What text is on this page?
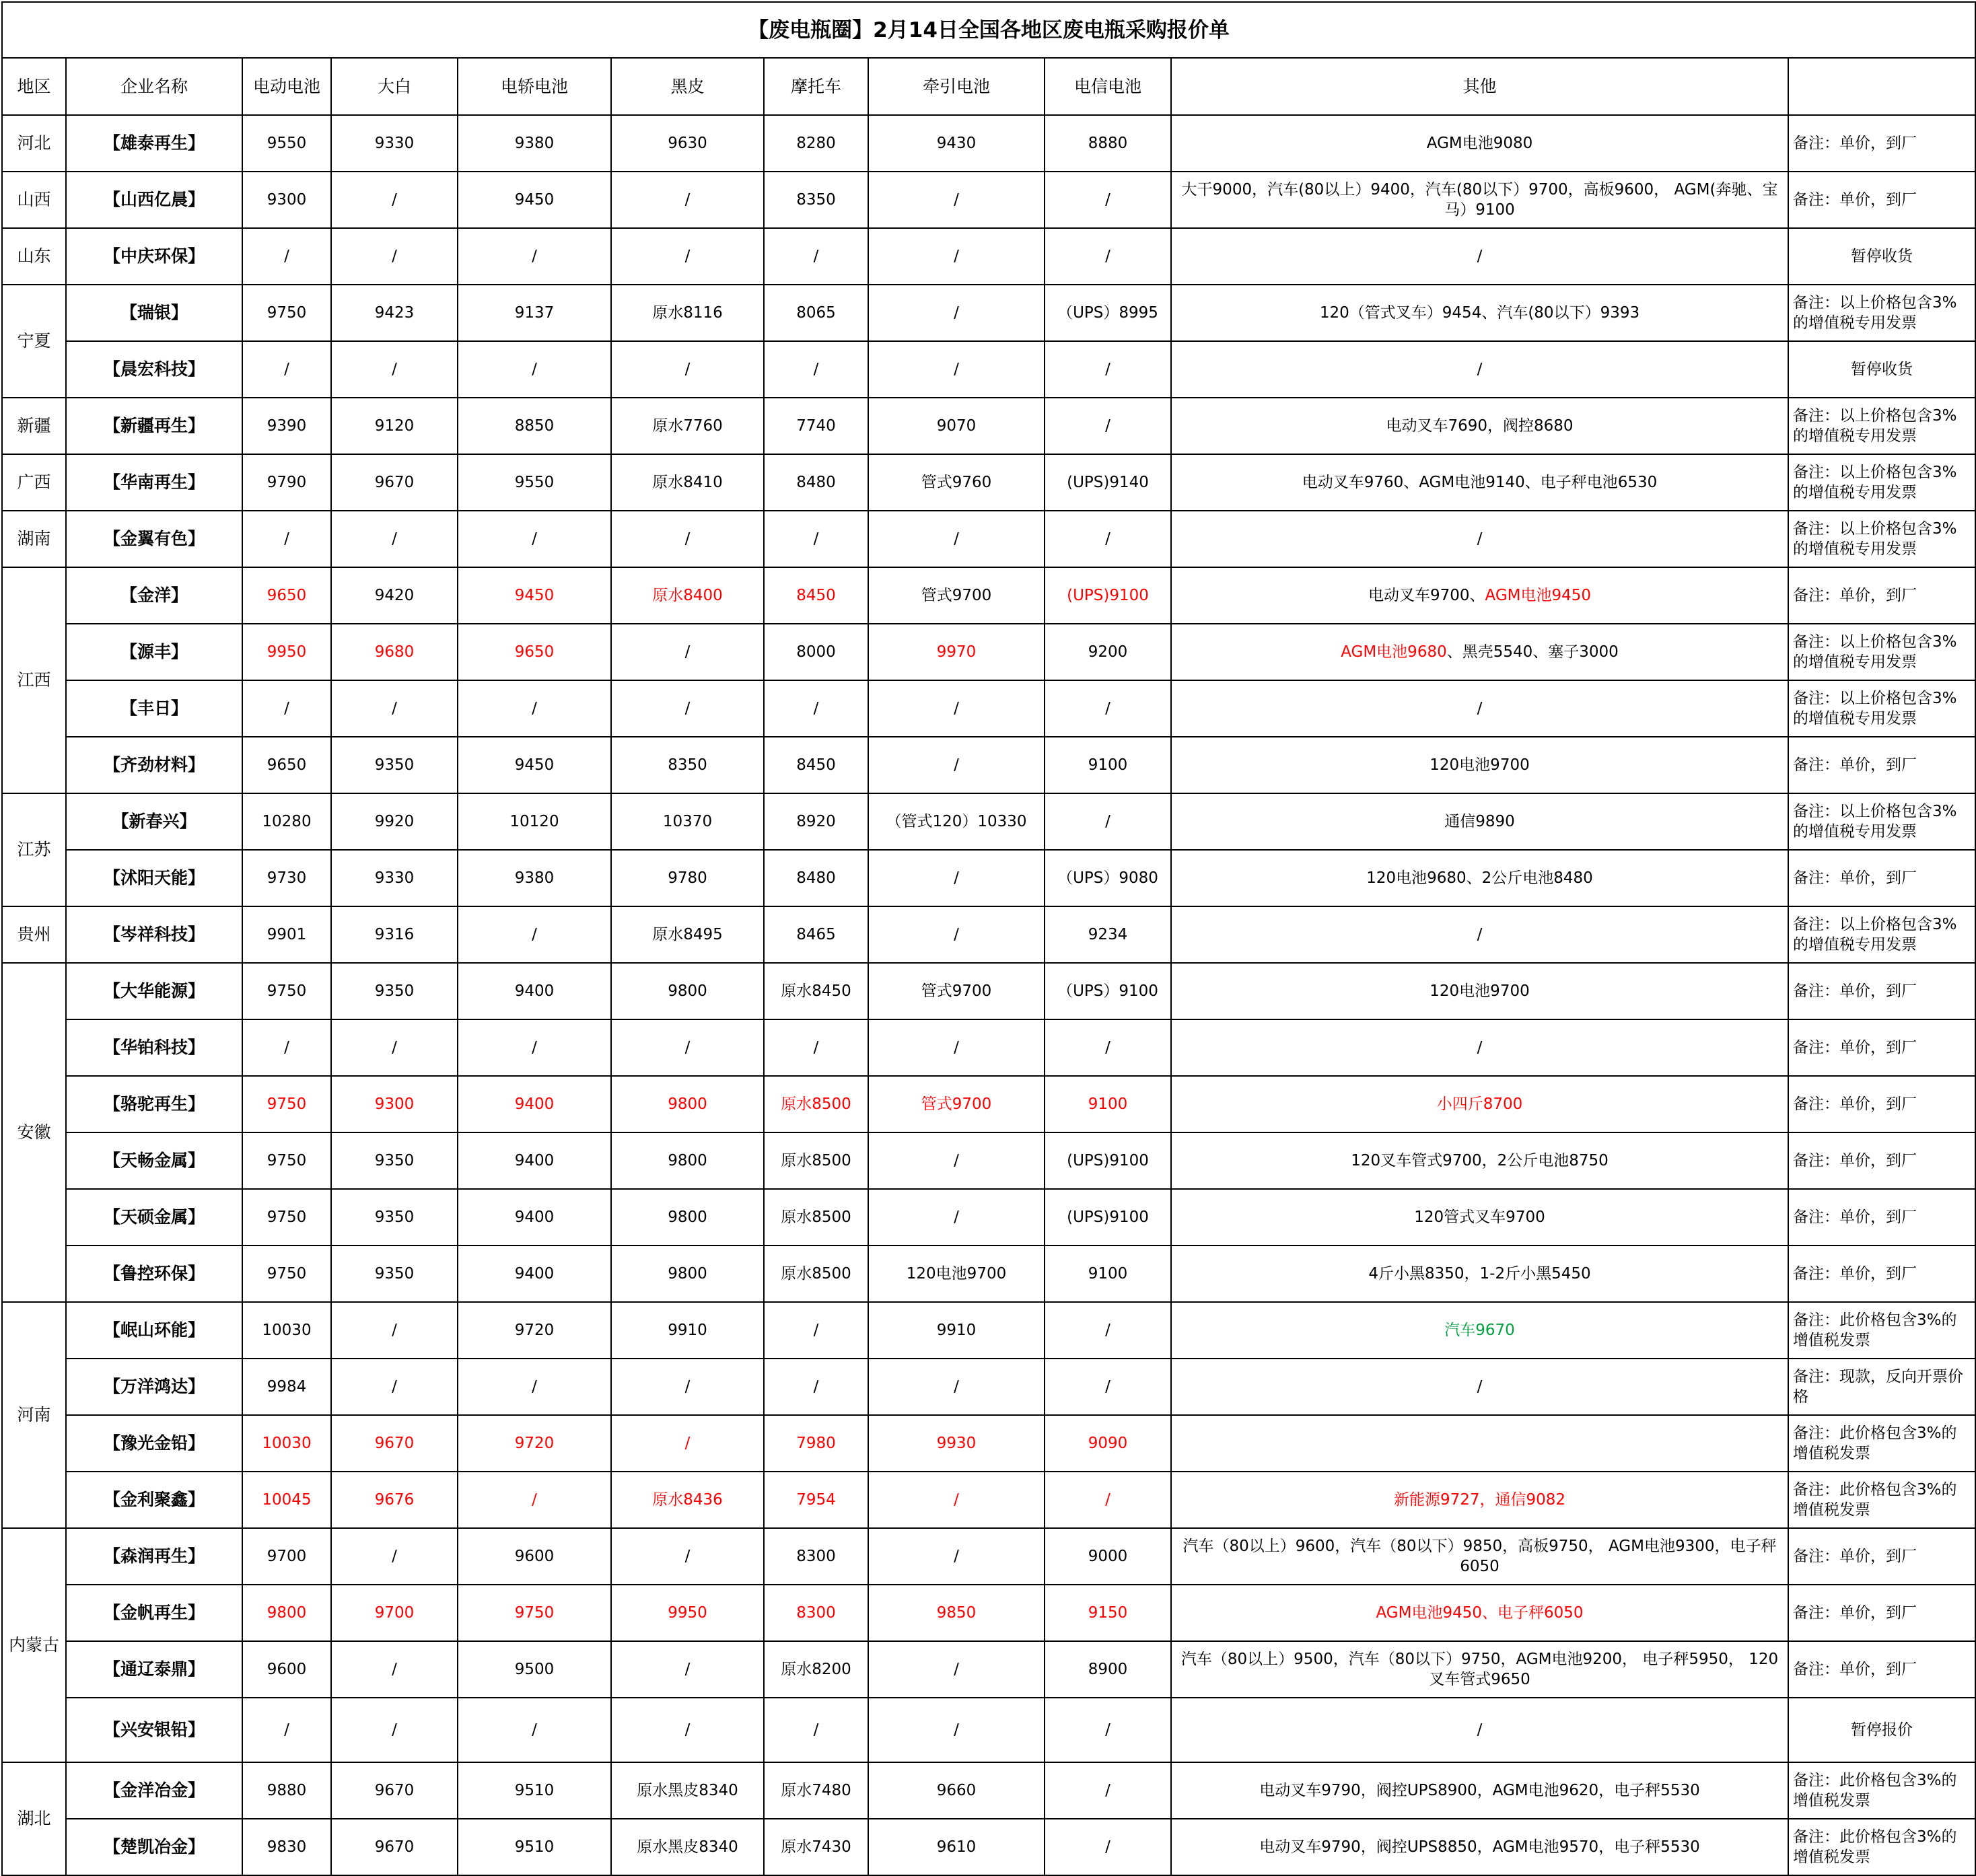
【废电瓶圈】2月14日全国各地区废电瓶采购报价单										
地区	企业名称	电动电池	大白	电轿电池	黑皮	摩托车	牵引电池	电信电池	其他	
河北	【雄泰再生】	9550	9330	9380	9630	8280	9430	8880	AGM电池9080	备注：单价，到厂
山西	【山西亿晨】	9300	/	9450	/	8350	/	/	大干9000，汽车(80以上）9400，汽车(80以下）9700，高板9600， AGM(奔驰、宝马）9100	备注：单价，到厂
山东	【中庆环保】	/	/	/	/	/	/	/	/	暂停收货
宁夏	【瑞银】	9750	9423	9137	原水8116	8065	/	（UPS）8995	120（管式叉车）9454、汽车(80以下）9393	备注：以上价格包含3%的增值税专用发票
	【晨宏科技】	/	/	/	/	/	/	/	/	暂停收货
新疆	【新疆再生】	9390	9120	8850	原水7760	7740	9070	/	电动叉车7690，阀控8680	备注：以上价格包含3%的增值税专用发票
广西	【华南再生】	9790	9670	9550	原水8410	8480	管式9760	(UPS)9140	电动叉车9760、AGM电池9140、电子秤电池6530	备注：以上价格包含3%的增值税专用发票
湖南	【金翼有色】	/	/	/	/	/	/	/	/	备注：以上价格包含3%的增值税专用发票
江西	【金洋】	9650	9420	9450	原水8400	8450	管式9700	(UPS)9100	电动叉车9700、AGM电池9450	备注：单价，到厂
	【源丰】	9950	9680	9650	/	8000	9970	9200	AGM电池9680、黑壳5540、塞子3000	备注：以上价格包含3%的增值税专用发票
	【丰日】	/	/	/	/	/	/	/	/	备注：以上价格包含3%的增值税专用发票
	【齐劲材料】	9650	9350	9450	8350	8450	/	9100	120电池9700	备注：单价，到厂
江苏	【新春兴】	10280	9920	10120	10370	8920	（管式120）10330	/	通信9890	备注：以上价格包含3%的增值税专用发票
	【沭阳天能】	9730	9330	9380	9780	8480	/	（UPS）9080	120电池9680、2公斤电池8480	备注：单价，到厂
贵州	【岑祥科技】	9901	9316	/	原水8495	8465	/	9234	/	备注：以上价格包含3%的增值税专用发票
安徽	【大华能源】	9750	9350	9400	9800	原水8450	管式9700	（UPS）9100	120电池9700	备注：单价，到厂
	【华铂科技】	/	/	/	/	/	/	/	/	备注：单价，到厂
	【骆驼再生】	9750	9300	9400	9800	原水8500	管式9700	9100	小四斤8700	备注：单价，到厂
	【天畅金属】	9750	9350	9400	9800	原水8500	/	(UPS)9100	120叉车管式9700，2公斤电池8750	备注：单价，到厂
	【天硕金属】	9750	9350	9400	9800	原水8500	/	(UPS)9100	120管式叉车9700	备注：单价，到厂
	【鲁控环保】	9750	9350	9400	9800	原水8500	120电池9700	9100	4斤小黑8350，1-2斤小黑5450	备注：单价，到厂
河南	【岷山环能】	10030	/	9720	9910	/	9910	/	汽车9670	备注：此价格包含3%的增值税发票
	【万洋鸿达】	9984	/	/	/	/	/	/	/	备注：现款，反向开票价格
	【豫光金铅】	10030	9670	9720	/	7980	9930	9090		备注：此价格包含3%的增值税发票
	【金利聚鑫】	10045	9676	/	原水8436	7954	/	/	新能源9727，通信9082	备注：此价格包含3%的增值税发票
内蒙古	【森润再生】	9700	/	9600	/	8300	/	9000	汽车（80以上）9600，汽车（80以下）9850，高板9750， AGM电池9300，电子秤6050	备注：单价，到厂
	【金帆再生】	9800	9700	9750	9950	8300	9850	9150	AGM电池9450、电子秤6050	备注：单价，到厂
	【通辽泰鼎】	9600	/	9500	/	原水8200	/	8900	汽车（80以上）9500，汽车（80以下）9750，AGM电池9200， 电子秤5950， 120叉车管式9650	备注：单价，到厂
	【兴安银铅】	/	/	/	/	/	/	/	/	暂停报价
湖北	【金洋冶金】	9880	9670	9510	原水黑皮8340	原水7480	9660	/	电动叉车9790，阀控UPS8900，AGM电池9620，电子秤5530	备注：此价格包含3%的增值税发票
	【楚凯冶金】	9830	9670	9510	原水黑皮8340	原水7430	9610	/	电动叉车9790，阀控UPS8850，AGM电池9570，电子秤5530	备注：此价格包含3%的增值税发票
